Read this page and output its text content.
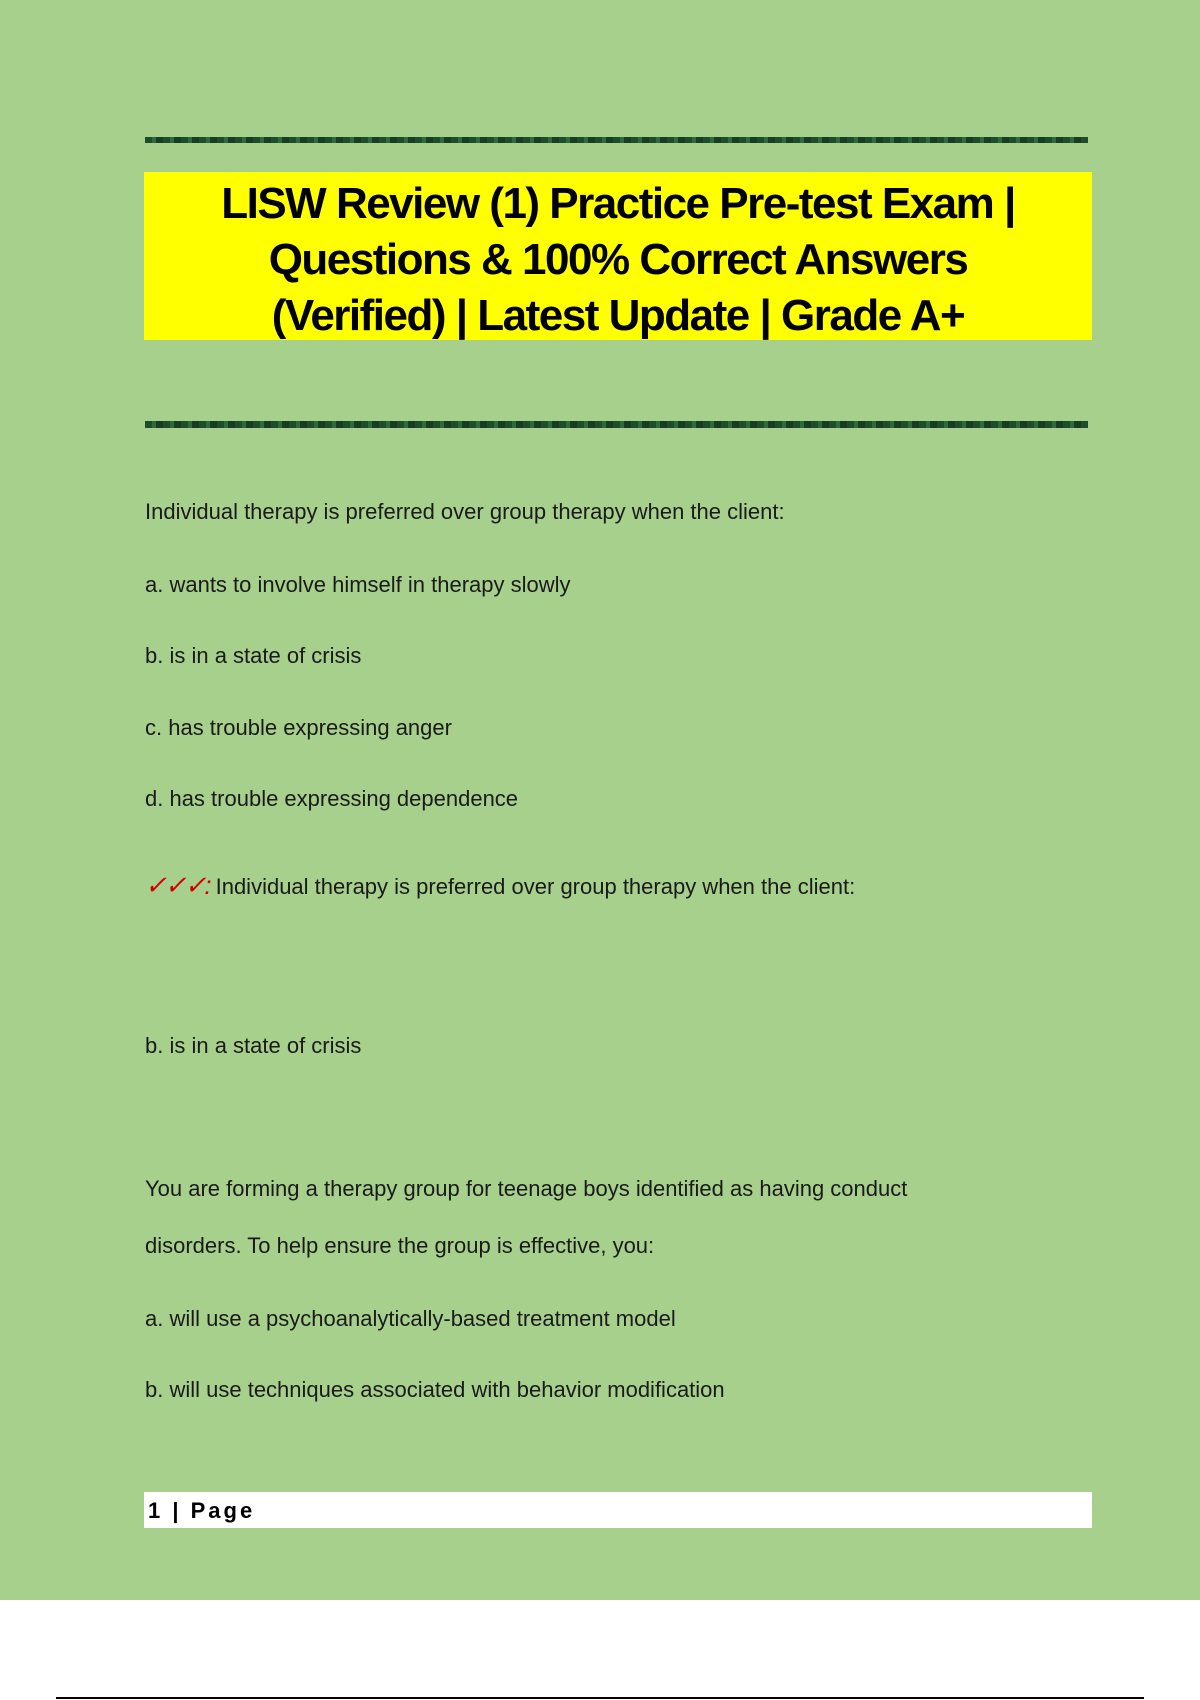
LISW Review (1) Practice Pre-test Exam |
Questions & 100% Correct Answers
(Verified) | Latest Update | Grade A+

Individual therapy is preferred over group therapy when the client:

a. wants to involve himself in therapy slowly

b. is in a state of crisis

c. has trouble expressing anger

d. has trouble expressing dependence

✓✓✓: Individual therapy is preferred over group therapy when the client:

b. is in a state of crisis

You are forming a therapy group for teenage boys identified as having conduct

disorders. To help ensure the group is effective, you:

a. will use a psychoanalytically-based treatment model

b. will use techniques associated with behavior modification

1 | Page
